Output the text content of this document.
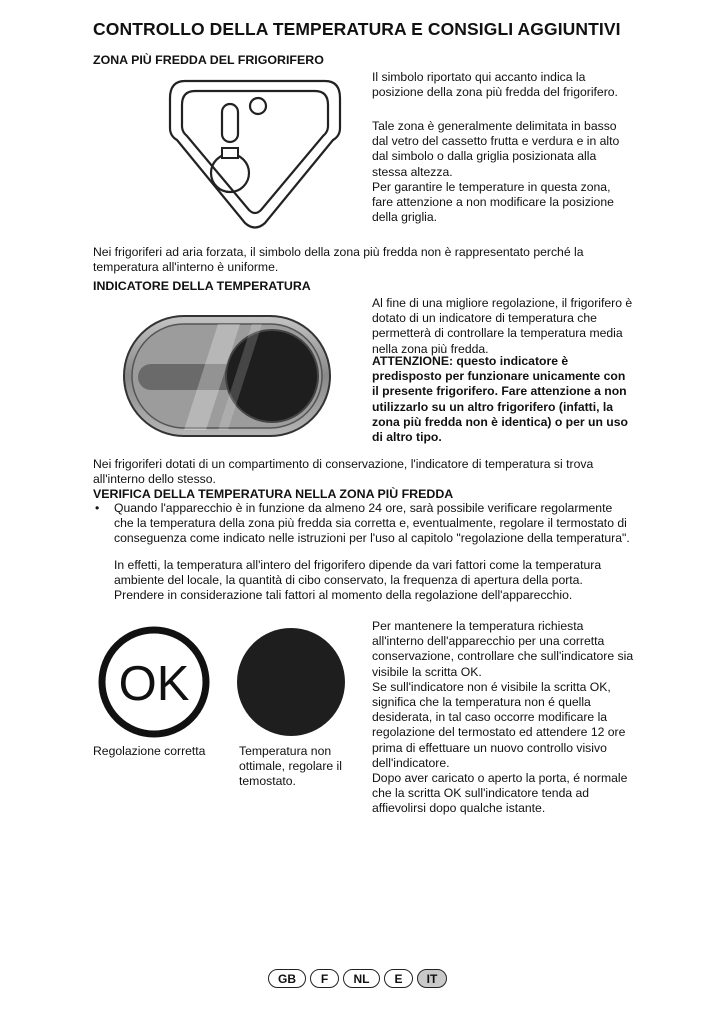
CONTROLLO DELLA TEMPERATURA E CONSIGLI AGGIUNTIVI
ZONA PIÙ FREDDA DEL FRIGORIFERO
Il simbolo riportato qui accanto indica la posizione della zona più fredda del frigorifero.
Tale zona è generalmente delimitata in basso dal vetro del cassetto frutta e verdura e in alto dal simbolo o dalla griglia posizionata alla stessa altezza.
Per garantire le temperature in questa zona, fare attenzione a non modificare la posizione della griglia.
Nei frigoriferi ad aria forzata, il simbolo della zona più fredda non è rappresentato perché la temperatura all'interno è uniforme.
INDICATORE DELLA TEMPERATURA
Al fine di una migliore regolazione, il frigorifero è dotato di un indicatore di temperatura che permetterà di controllare la temperatura media nella zona più fredda.
ATTENZIONE: questo indicatore è predisposto per funzionare unicamente con il presente frigorifero. Fare attenzione a non utilizzarlo su un altro frigorifero (infatti, la zona più fredda non è identica) o per un uso di altro tipo.
Nei frigoriferi dotati di un compartimento di conservazione, l'indicatore di temperatura si trova all'interno dello stesso.
VERIFICA DELLA TEMPERATURA NELLA ZONA PIÙ FREDDA
• Quando l'apparecchio è in funzione da almeno 24 ore, sarà possibile verificare regolarmente che la temperatura della zona più fredda sia corretta e, eventualmente, regolare il termostato di conseguenza come indicato nelle istruzioni per l'uso al capitolo "regolazione della temperatura".
In effetti, la temperatura all'intero del frigorifero dipende da vari fattori come la temperatura ambiente del locale, la quantità di cibo conservato, la frequenza di apertura della porta. Prendere in considerazione tali fattori al momento della regolazione dell'apparecchio.
OK
Regolazione corretta	Temperatura non ottimale, regolare il temostato.
Per mantenere la temperatura richiesta all'interno dell'apparecchio per una corretta conservazione, controllare che sull'indicatore sia visibile la scritta OK.
Se sull'indicatore non é visibile la scritta OK, significa che la temperatura non é quella desiderata, in tal caso occorre modificare la regolazione del termostato ed attendere 12 ore prima di effettuare un nuovo controllo visivo dell'indicatore.
Dopo aver caricato o aperto la porta, é normale che la scritta OK sull'indicatore tenda ad affievolirsi dopo qualche istante.
GB	F	NL	E	IT
